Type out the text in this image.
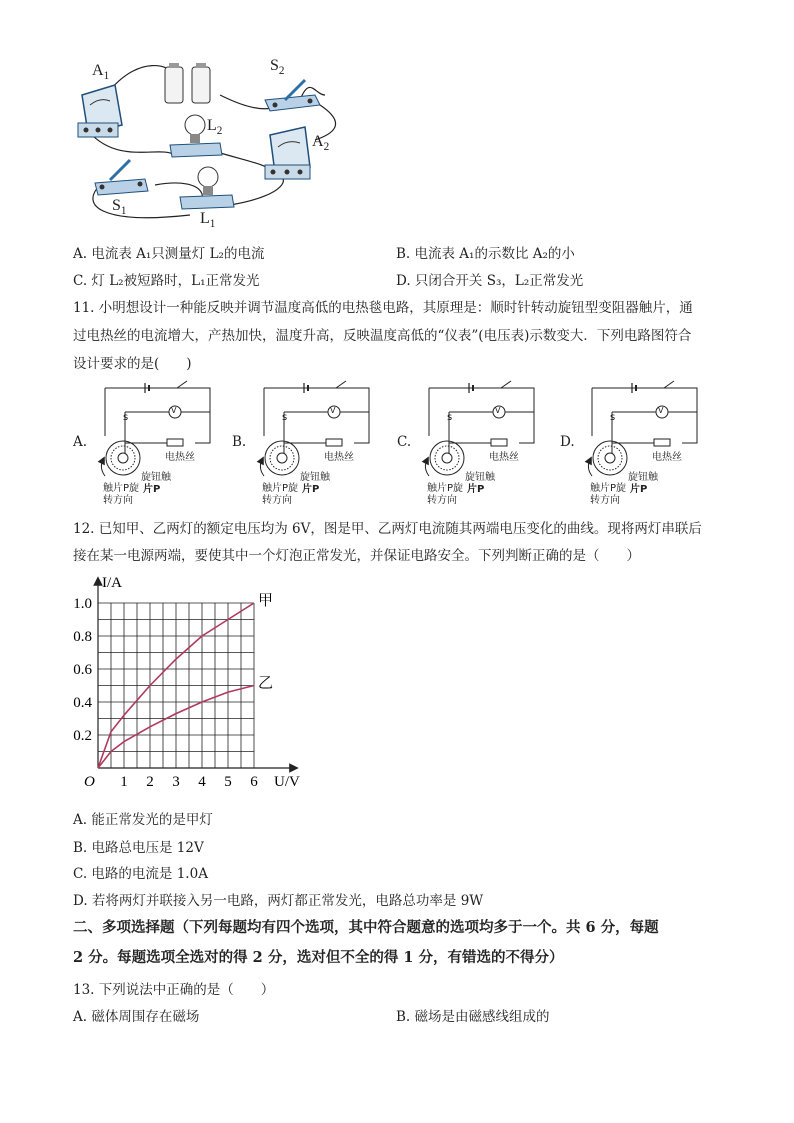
$A_1$
$S_2$
$L_2$
$A_2$
$S_1$	$L_1$
A. 电流表 A₁只测量灯 L₂的电流	B. 电流表 A₁的示数比 A₂的小
C. 灯 L₂被短路时，L₁正常发光	D. 只闭合开关 S₃，L₂正常发光
11. 小明想设计一种能反映并调节温度高低的电热毯电路，其原理是：顺时针转动旋钮型变阻器触片，通
过电热丝的电流增大，产热加快，温度升高，反映温度高低的“仪表”(电压表)示数变大．下列电路图符合
设计要求的是(　　)
A.
s
V
电热丝
旋钮触
片P
触片P旋
转方向
B.
s
V
电热丝
旋钮触
片P
触片P旋
转方向
C.
s
V
电热丝
旋钮触
片P
触片P旋
转方向
D.
s
V
电热丝
旋钮触
片P
触片P旋
转方向
12. 已知甲、乙两灯的额定电压均为 6V，图是甲、乙两灯电流随其两端电压变化的曲线。现将两灯串联后
接在某一电源两端，要使其中一个灯泡正常发光，并保证电路安全。下列判断正确的是（　　）
1 2 3 4 5 6
0.2
0.4
0.6
0.8
1.0
O	U/V
I/A
甲
乙
A. 能正常发光的是甲灯
B. 电路总电压是 12V
C. 电路的电流是 1.0A
D. 若将两灯并联接入另一电路，两灯都正常发光，电路总功率是 9W
二、多项选择题（下列每题均有四个选项，其中符合题意的选项均多于一个。共 6 分，每题
2 分。每题选项全选对的得 2 分，选对但不全的得 1 分，有错选的不得分）
13. 下列说法中正确的是（　　）
A. 磁体周围存在磁场	B. 磁场是由磁感线组成的
